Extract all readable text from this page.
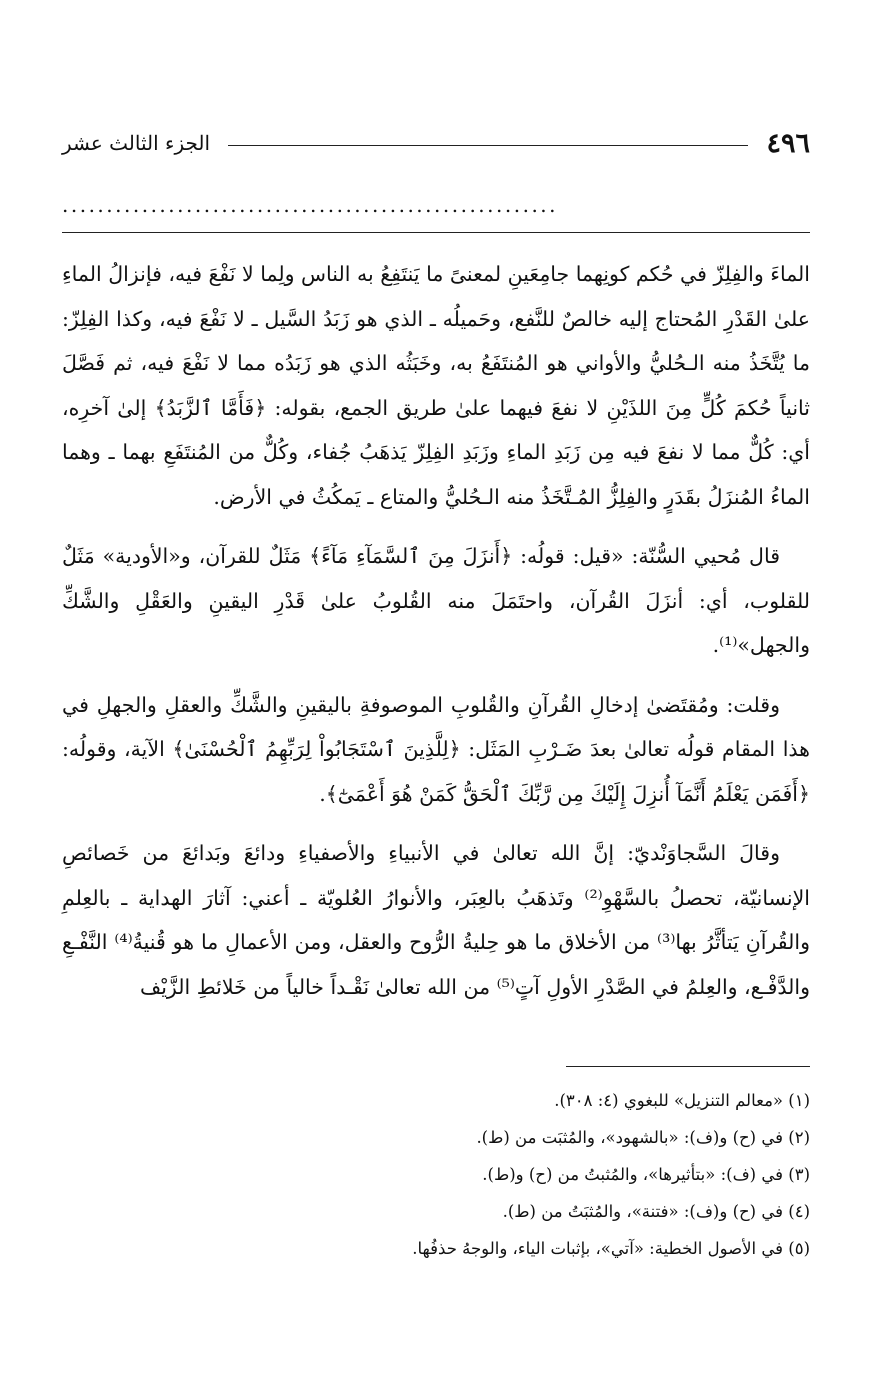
٤٩٦
الجزء الثالث عشر
........................................................

الماءَ والفِلِزّ في حُكم كونِهما جامِعَينِ لمعنىً ما يَنتَفِعُ به الناس ولِما لا نَفْعَ فيه، فإنزالُ الماءِ علىٰ القَدْرِ المُحتاج إليه خالصٌ للنَّفع، وحَميلُه ـ الذي هو زَبَدُ السَّيل ـ لا نَفْعَ فيه، وكذا الفِلِزّ: ما يُتَّخَذُ منه الـحُليُّ والأواني هو المُنتَفَعُ به، وخَبَثُه الذي هو زَبَدُه مما لا نَفْعَ فيه، ثم فَصَّلَ ثانياً حُكمَ كُلٍّ مِنَ اللذَيْنِ لا نفعَ فيهما علىٰ طريق الجمع، بقوله: ﴿فَأَمَّا ٱلزَّبَدُ﴾ إلىٰ آخرِه، أي: كُلٌّ مما لا نفعَ فيه مِن زَبَدِ الماءِ وزَبَدِ الفِلِزّ يَذهَبُ جُفاء، وكُلٌّ من المُنتَفَعِ بهما ـ وهما الماءُ المُنزَلُ بقَدَرٍ والفِلِزُّ المُـتَّخَذُ منه الـحُليُّ والمتاع ـ يَمكُثُ في الأرض.

قال مُحيي السُّنّة: «قيل: قولُه: ﴿أَنزَلَ مِنَ ٱلسَّمَآءِ مَآءً﴾ مَثَلٌ للقرآن، و«الأودية» مَثَلٌ للقلوب، أي: أنزَلَ القُرآن، واحتَمَلَ منه القُلوبُ علىٰ قَدْرِ اليقينِ والعَقْلِ والشَّكِّ والجهل»⁽¹⁾.

وقلت: ومُقتَضىٰ إدخالِ القُرآنِ والقُلوبِ الموصوفةِ باليقينِ والشَّكِّ والعقلِ والجهلِ في هذا المقام قولُه تعالىٰ بعدَ ضَـرْبِ المَثَل: ﴿لِلَّذِينَ ٱسْتَجَابُواْ لِرَبِّهِمُ ٱلْحُسْنَىٰ﴾ الآية، وقولُه: ﴿أَفَمَن يَعْلَمُ أَنَّمَآ أُنزِلَ إِلَيْكَ مِن رَّبِّكَ ٱلْحَقُّ كَمَنْ هُوَ أَعْمَىٰٓ﴾.

وقالَ السَّجاوَنْديّ: إنَّ الله تعالىٰ في الأنبياءِ والأصفياءِ ودائعَ وبَدائعَ من خَصائصِ الإنسانيّة، تحصلُ بالسَّهْوِ⁽²⁾ وتَذهَبُ بالعِبَر، والأنوارُ العُلويّة ـ أعني: آثارَ الهداية ـ بالعِلمِ والقُرآنِ يَتأثَّرُ بها⁽³⁾ من الأخلاق ما هو حِليةُ الرُّوح والعقل، ومن الأعمالِ ما هو قُنيةُ⁽⁴⁾ النَّفْـعِ والدَّفْـع، والعِلمُ في الصَّدْرِ الأولِ آتٍ⁽⁵⁾ من الله تعالىٰ نَقْـداً خالياً من خَلائطِ الزَّيْف

(١) «معالم التنزيل» للبغوي (٤: ٣٠٨).

(٢) في (ح) و(ف): «بالشهود»، والمُثبَت من (ط).

(٣) في (ف): «بتأثيرها»، والمُثبتُ من (ح) و(ط).

(٤) في (ح) و(ف): «فتنة»، والمُثبَتُ من (ط).

(٥) في الأصول الخطية: «آتي»، بإثبات الياء، والوجهُ حذفُها.
